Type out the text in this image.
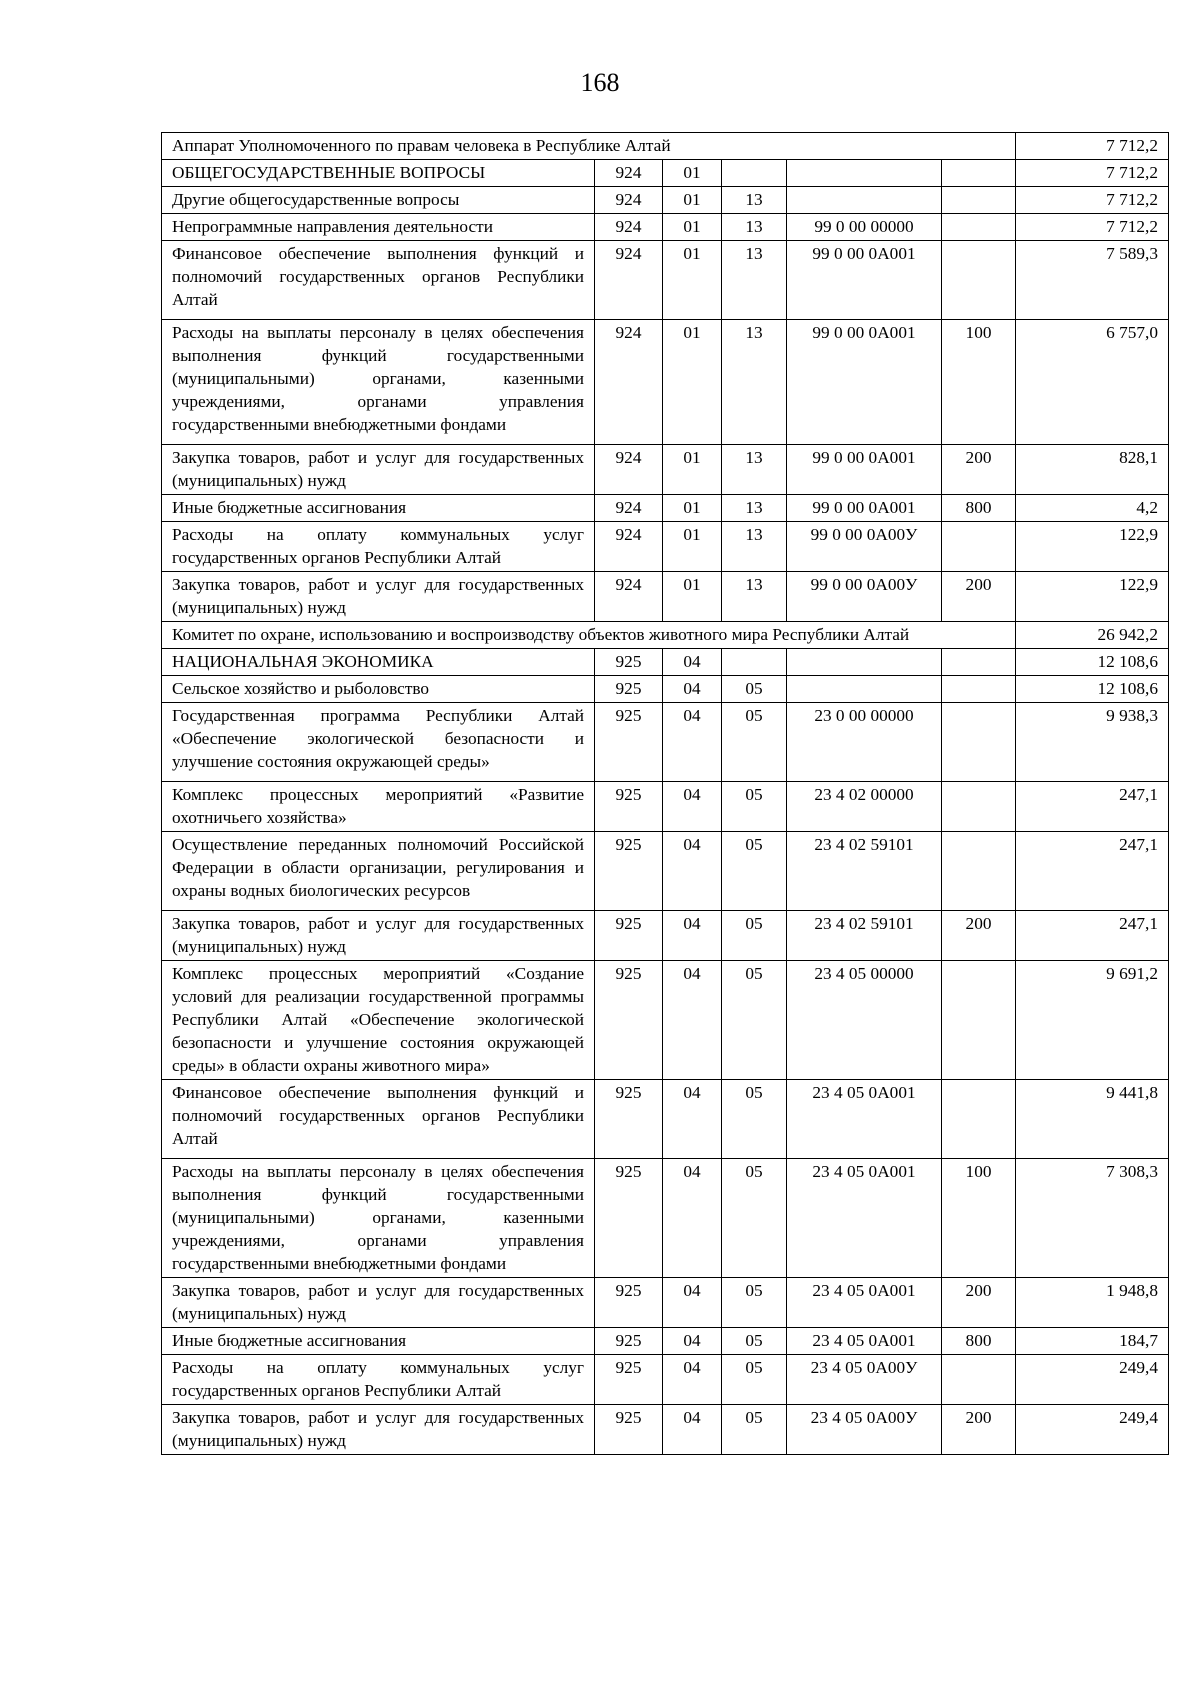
168
Аппарат Уполномоченного по правам человека в Республике Алтай						7 712,2
ОБЩЕГОСУДАРСТВЕННЫЕ ВОПРОСЫ	924	01				7 712,2
Другие общегосударственные вопросы	924	01	13			7 712,2
Непрограммные направления деятельности	924	01	13	99 0 00 00000		7 712,2
Финансовое обеспечение выполнения функций и полномочий государственных органов Республики Алтай	924	01	13	99 0 00 0А001		7 589,3
Расходы на выплаты персоналу в целях обеспечения выполнения функций государственными (муниципальными) органами, казенными учреждениями, органами управления государственными внебюджетными фондами	924	01	13	99 0 00 0А001	100	6 757,0
Закупка товаров, работ и услуг для государственных (муниципальных) нужд	924	01	13	99 0 00 0А001	200	828,1
Иные бюджетные ассигнования	924	01	13	99 0 00 0А001	800	4,2
Расходы на оплату коммунальных услуг государственных органов Республики Алтай	924	01	13	99 0 00 0А00У		122,9
Закупка товаров, работ и услуг для государственных (муниципальных) нужд	924	01	13	99 0 00 0А00У	200	122,9
Комитет по охране, использованию и воспроизводству объектов животного мира Республики Алтай						26 942,2
НАЦИОНАЛЬНАЯ ЭКОНОМИКА	925	04				12 108,6
Сельское хозяйство и рыболовство	925	04	05			12 108,6
Государственная программа Республики Алтай «Обеспечение экологической безопасности и улучшение состояния окружающей среды»	925	04	05	23 0 00 00000		9 938,3
Комплекс процессных мероприятий «Развитие охотничьего хозяйства»	925	04	05	23 4 02 00000		247,1
Осуществление переданных полномочий Российской Федерации в области организации, регулирования и охраны водных биологических ресурсов	925	04	05	23 4 02 59101		247,1
Закупка товаров, работ и услуг для государственных (муниципальных) нужд	925	04	05	23 4 02 59101	200	247,1
Комплекс процессных мероприятий «Создание условий для реализации государственной программы Республики Алтай «Обеспечение экологической безопасности и улучшение состояния окружающей среды» в области охраны животного мира»	925	04	05	23 4 05 00000		9 691,2
Финансовое обеспечение выполнения функций и полномочий государственных органов Республики Алтай	925	04	05	23 4 05 0А001		9 441,8
Расходы на выплаты персоналу в целях обеспечения выполнения функций государственными (муниципальными) органами, казенными учреждениями, органами управления государственными внебюджетными фондами	925	04	05	23 4 05 0А001	100	7 308,3
Закупка товаров, работ и услуг для государственных (муниципальных) нужд	925	04	05	23 4 05 0А001	200	1 948,8
Иные бюджетные ассигнования	925	04	05	23 4 05 0А001	800	184,7
Расходы на оплату коммунальных услуг государственных органов Республики Алтай	925	04	05	23 4 05 0А00У		249,4
Закупка товаров, работ и услуг для государственных (муниципальных) нужд	925	04	05	23 4 05 0А00У	200	249,4
